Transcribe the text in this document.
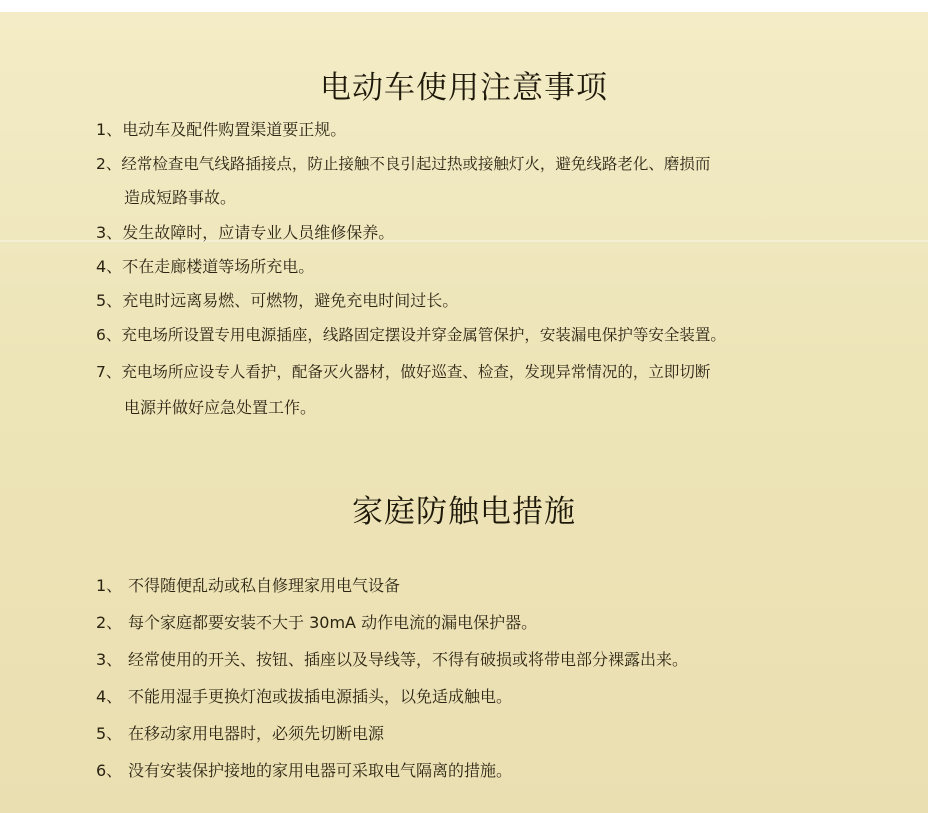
电动车使用注意事项
1、电动车及配件购置渠道要正规。
2、经常检查电气线路插接点，防止接触不良引起过热或接触灯火，避免线路老化、磨损而
造成短路事故。
3、发生故障时，应请专业人员维修保养。
4、不在走廊楼道等场所充电。
5、充电时远离易燃、可燃物，避免充电时间过长。
6、充电场所设置专用电源插座，线路固定摆设并穿金属管保护，安装漏电保护等安全装置。
7、充电场所应设专人看护，配备灭火器材，做好巡查、检查，发现异常情况的，立即切断
电源并做好应急处置工作。
家庭防触电措施
1、 不得随便乱动或私自修理家用电气设备
2、 每个家庭都要安装不大于 30mA 动作电流的漏电保护器。
3、 经常使用的开关、按钮、插座以及导线等，不得有破损或将带电部分裸露出来。
4、 不能用湿手更换灯泡或拔插电源插头，以免适成触电。
5、 在移动家用电器时，必须先切断电源
6、 没有安装保护接地的家用电器可采取电气隔离的措施。
